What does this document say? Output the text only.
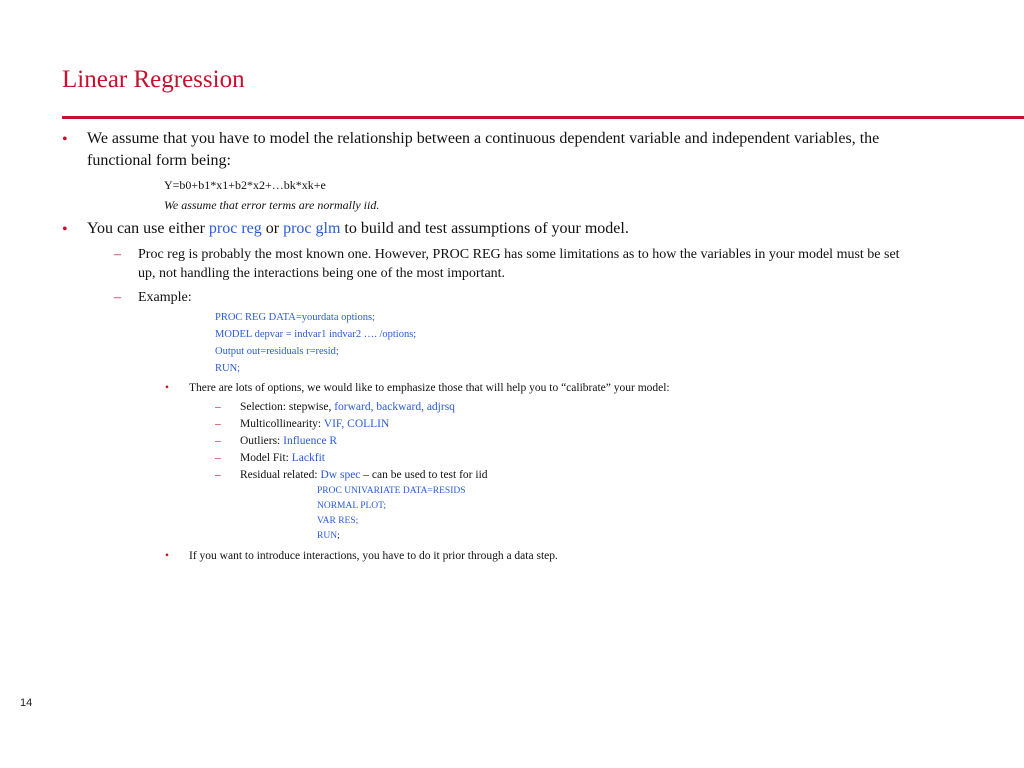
Linear Regression
• We assume that you have to model the relationship between a continuous dependent variable and independent variables, the
functional form being:
Y=b0+b1*x1+b2*x2+…bk*xk+e
We assume that error terms are normally iid.
• You can use either proc reg or proc glm to build and test assumptions of your model.
– Proc reg is probably the most known one. However, PROC REG has some limitations as to how the variables in your model must be set
up, not handling the interactions being one of the most important.
– Example:
PROC REG DATA=yourdata options;
MODEL depvar = indvar1 indvar2 …. /options;
Output out=residuals r=resid;
RUN;
• There are lots of options, we would like to emphasize those that will help you to “calibrate” your model:
– Selection: stepwise, forward, backward, adjrsq
– Multicollinearity: VIF, COLLIN
– Outliers: Influence R
– Model Fit: Lackfit
– Residual related: Dw spec – can be used to test for iid
PROC UNIVARIATE DATA=RESIDS
NORMAL PLOT;
VAR RES;
RUN;
• If you want to introduce interactions, you have to do it prior through a data step.
14
